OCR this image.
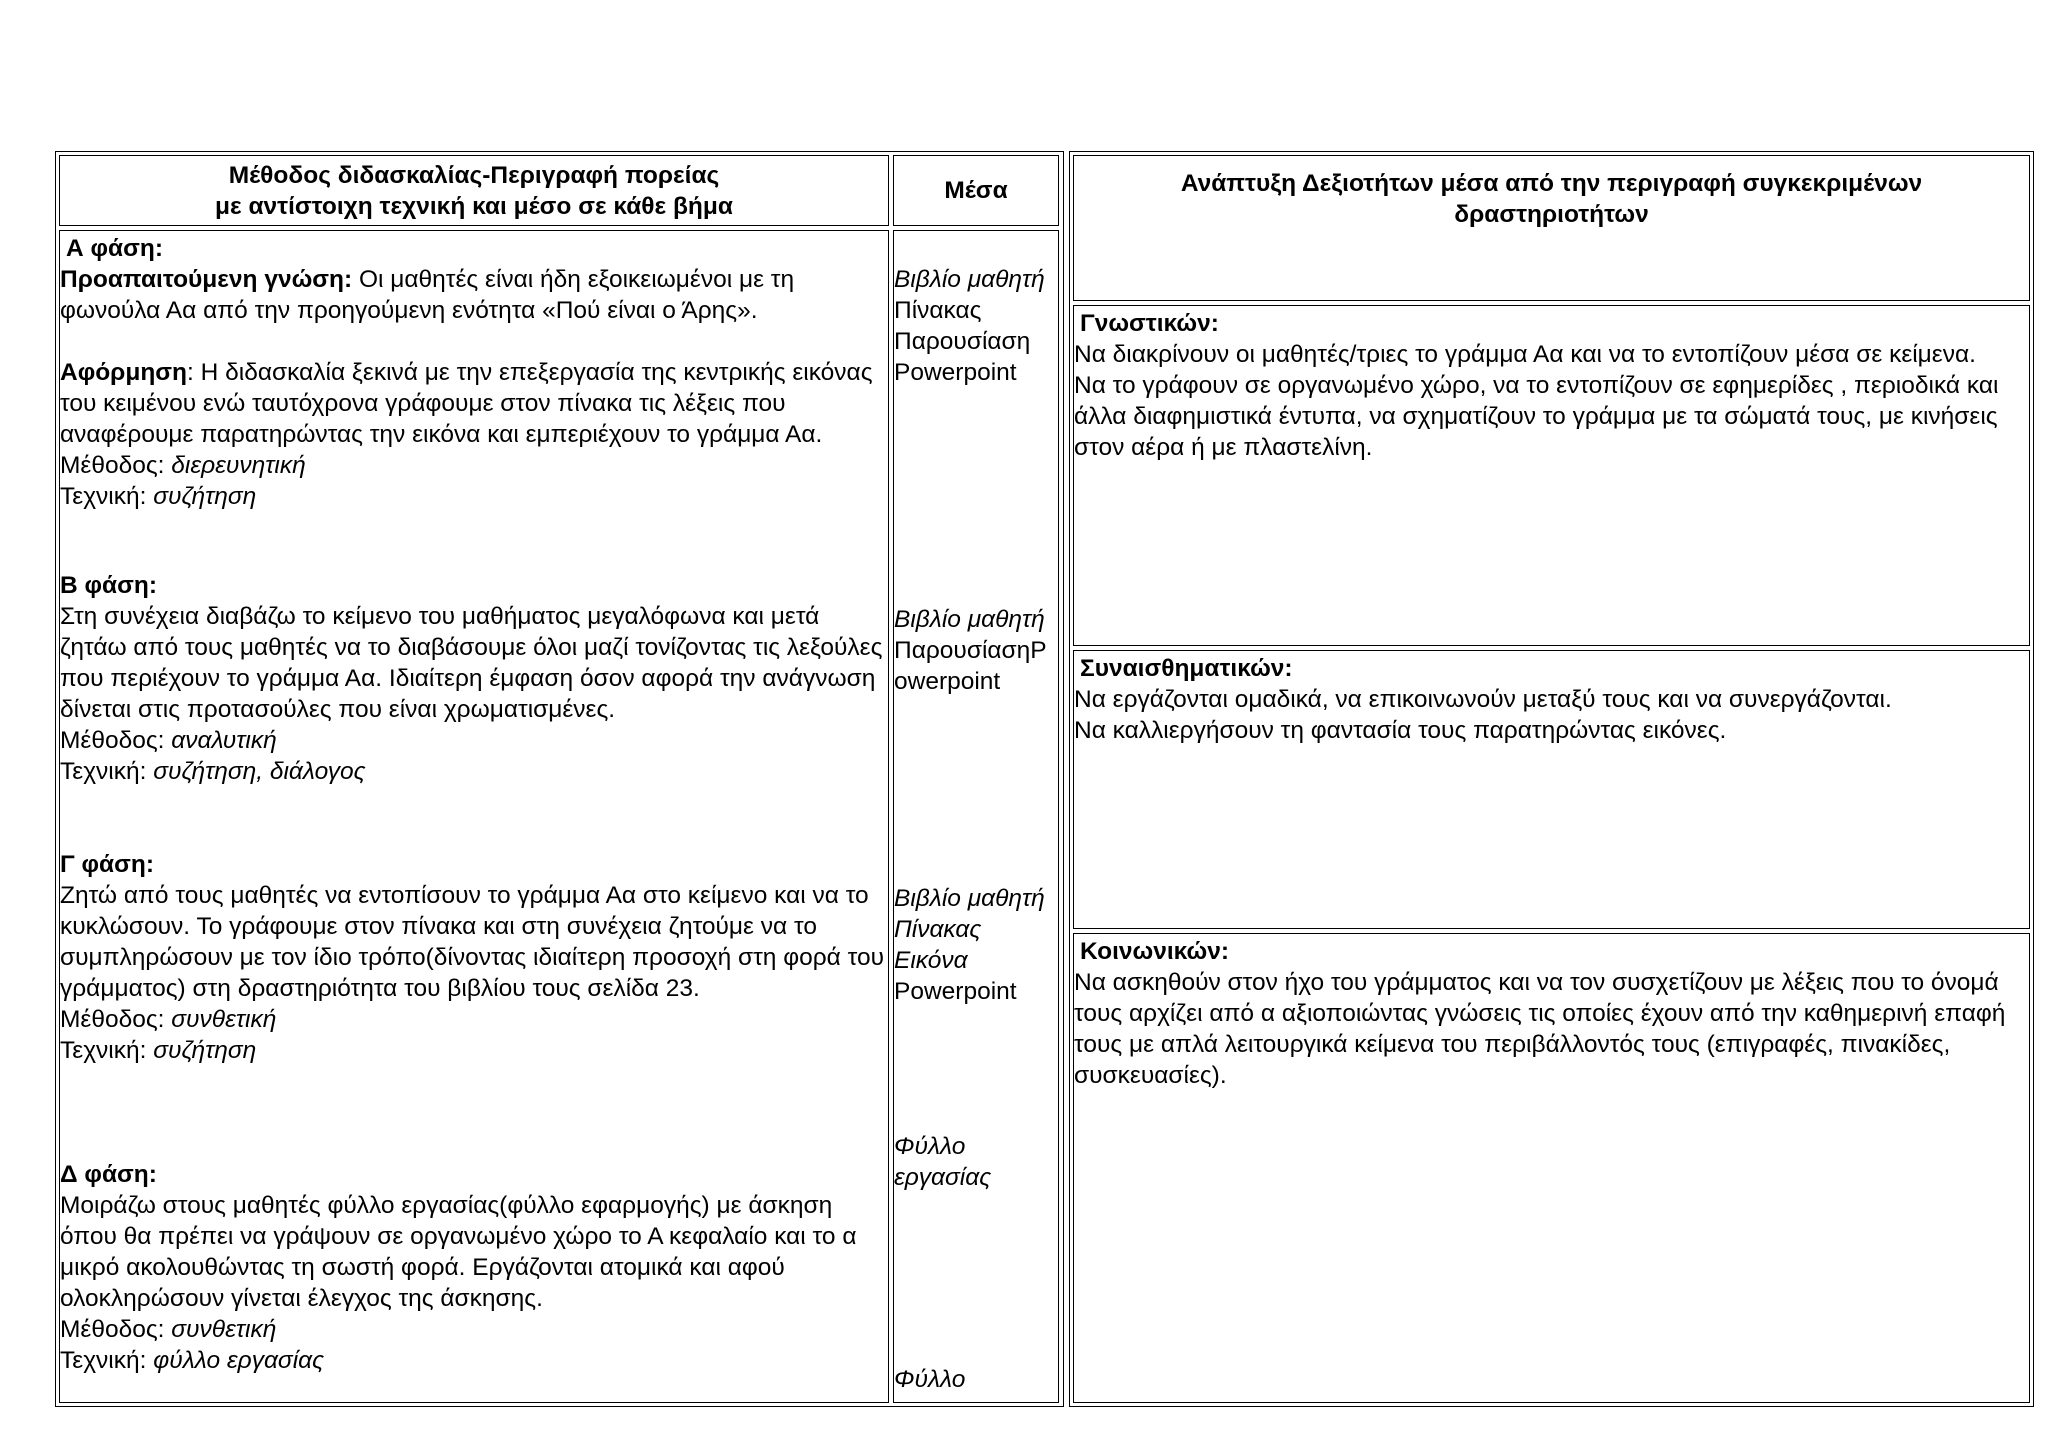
Μέθοδος διδασκαλίας-Περιγραφή πορείας
με αντίστοιχη τεχνική και μέσο σε κάθε βήμα
Μέσα

Α φάση:

Προαπαιτούμενη γνώση: Οι μαθητές είναι ήδη εξοικειωμένοι με τη φωνούλα Αα από την προηγούμενη ενότητα «Πού είναι ο Άρης».

Αφόρμηση: Η διδασκαλία ξεκινά με την επεξεργασία της κεντρικής εικόνας του κειμένου ενώ ταυτόχρονα γράφουμε στον πίνακα τις λέξεις που αναφέρουμε παρατηρώντας την εικόνα και εμπεριέχουν το γράμμα Αα.

Μέθοδος: διερευνητική

Τεχνική: συζήτηση

Β φάση:

Στη συνέχεια διαβάζω το κείμενο του μαθήματος μεγαλόφωνα και μετά ζητάω από τους μαθητές να το διαβάσουμε όλοι μαζί τονίζοντας τις λεξούλες που περιέχουν το γράμμα Αα. Ιδιαίτερη έμφαση όσον αφορά την ανάγνωση δίνεται στις προτασούλες που είναι χρωματισμένες.

Μέθοδος: αναλυτική

Τεχνική: συζήτηση, διάλογος

Γ φάση:

Ζητώ από τους μαθητές να εντοπίσουν το γράμμα Αα στο κείμενο και να το κυκλώσουν. Το γράφουμε στον πίνακα και στη συνέχεια ζητούμε να το συμπληρώσουν με τον ίδιο τρόπο(δίνοντας ιδιαίτερη προσοχή στη φορά του γράμματος) στη δραστηριότητα του βιβλίου τους σελίδα 23.

Μέθοδος: συνθετική

Τεχνική: συζήτηση

Δ φάση:

Μοιράζω στους μαθητές φύλλο εργασίας(φύλλο εφαρμογής) με άσκηση όπου θα πρέπει να γράψουν σε οργανωμένο χώρο το Α κεφαλαίο και το α μικρό ακολουθώντας τη σωστή φορά. Εργάζονται ατομικά και αφού ολοκληρώσουν γίνεται έλεγχος της άσκησης.

Μέθοδος: συνθετική

Τεχνική: φύλλο εργασίας

Βιβλίο μαθητή

Πίνακας

Παρουσίαση

Powerpoint

Βιβλίο μαθητή

ΠαρουσίασηPowerpoint

Βιβλίο μαθητή

Πίνακας

Εικόνα

Powerpoint

Φύλλο εργασίας

Φύλλο

Ανάπτυξη Δεξιοτήτων μέσα από την περιγραφή συγκεκριμένων
δραστηριοτήτων

Γνωστικών:

Να διακρίνουν οι μαθητές/τριες το γράμμα Αα και να το εντοπίζουν μέσα σε κείμενα.

Να το γράφουν σε οργανωμένο χώρο, να το εντοπίζουν σε εφημερίδες , περιοδικά και άλλα διαφημιστικά έντυπα, να σχηματίζουν το γράμμα με τα σώματά τους, με κινήσεις στον αέρα ή με πλαστελίνη.

Συναισθηματικών:

Να εργάζονται ομαδικά, να επικοινωνούν μεταξύ τους και να συνεργάζονται.

Να καλλιεργήσουν τη φαντασία τους παρατηρώντας εικόνες.

Κοινωνικών:

Να ασκηθούν στον ήχο του γράμματος και να τον συσχετίζουν με λέξεις που το όνομά τους αρχίζει από α αξιοποιώντας γνώσεις τις οποίες έχουν από την καθημερινή επαφή τους με απλά λειτουργικά κείμενα του περιβάλλοντός τους (επιγραφές, πινακίδες, συσκευασίες).
